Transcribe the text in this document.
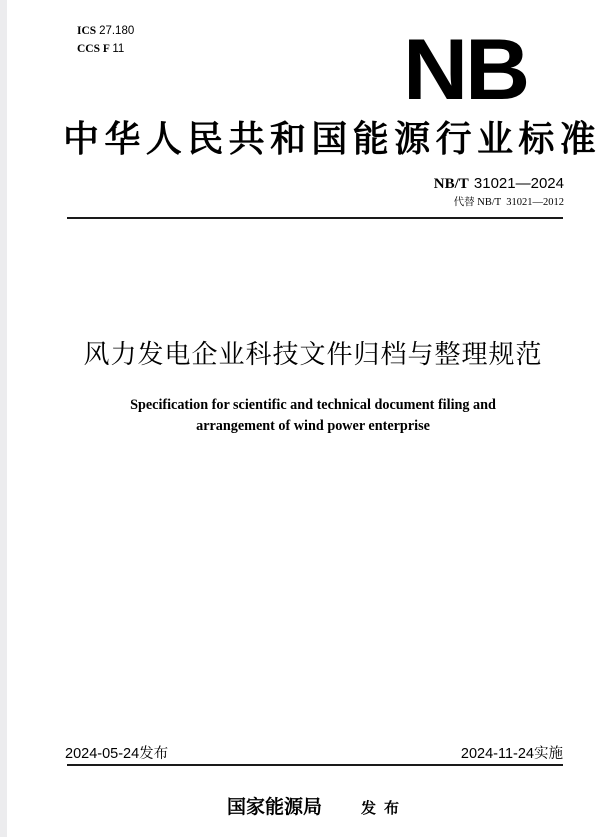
ICS 27.180
CCS F 11	NB
中华人民共和国能源行业标准
NB/T 31021—2024
代替 NB/T  31021—2012
风力发电企业科技文件归档与整理规范
Specification for scientific and technical document filing and
arrangement of wind power enterprise
2024-05-24发布	2024-11-24实施
国家能源局	发布
